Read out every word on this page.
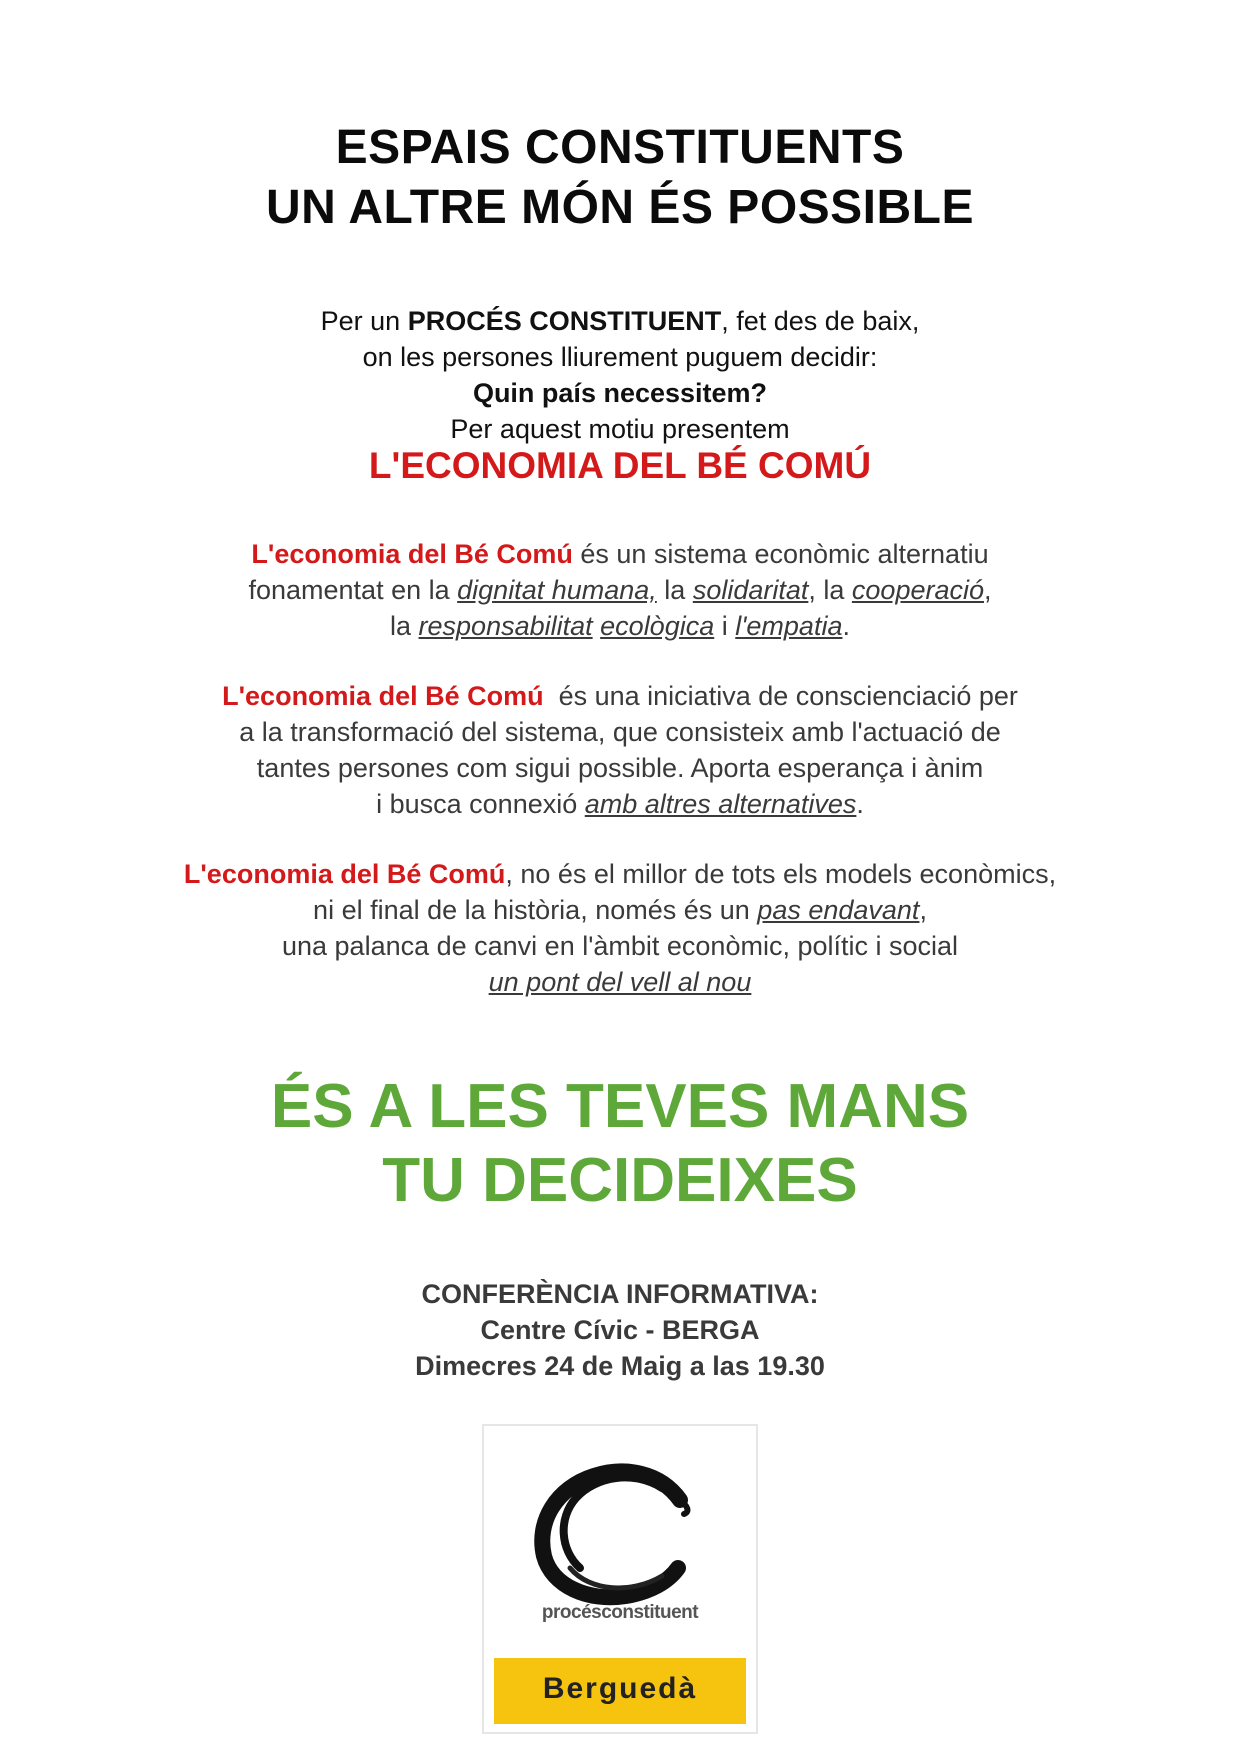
ESPAIS CONSTITUENTS
UN ALTRE MÓN ÉS POSSIBLE
Per un PROCÉS CONSTITUENT, fet des de baix,
on les persones lliurement puguem decidir:
Quin país necessitem?
Per aquest motiu presentem
L'ECONOMIA DEL BÉ COMÚ
L'economia del Bé Comú és un sistema econòmic alternatiu
fonamentat en la dignitat humana, la solidaritat, la cooperació,
la responsabilitat ecològica i l'empatia.
L'economia del Bé Comú  és una iniciativa de conscienciació per
a la transformació del sistema, que consisteix amb l'actuació de
tantes persones com sigui possible. Aporta esperança i ànim
i busca connexió amb altres alternatives.
L'economia del Bé Comú, no és el millor de tots els models econòmics,
ni el final de la història, només és un pas endavant,
una palanca de canvi en l'àmbit econòmic, polític i social
un pont del vell al nou
ÉS A LES TEVES MANS
TU DECIDEIXES
CONFERÈNCIA INFORMATIVA:
Centre Cívic - BERGA
Dimecres 24 de Maig a las 19.30
procésconstituent
Berguedà
